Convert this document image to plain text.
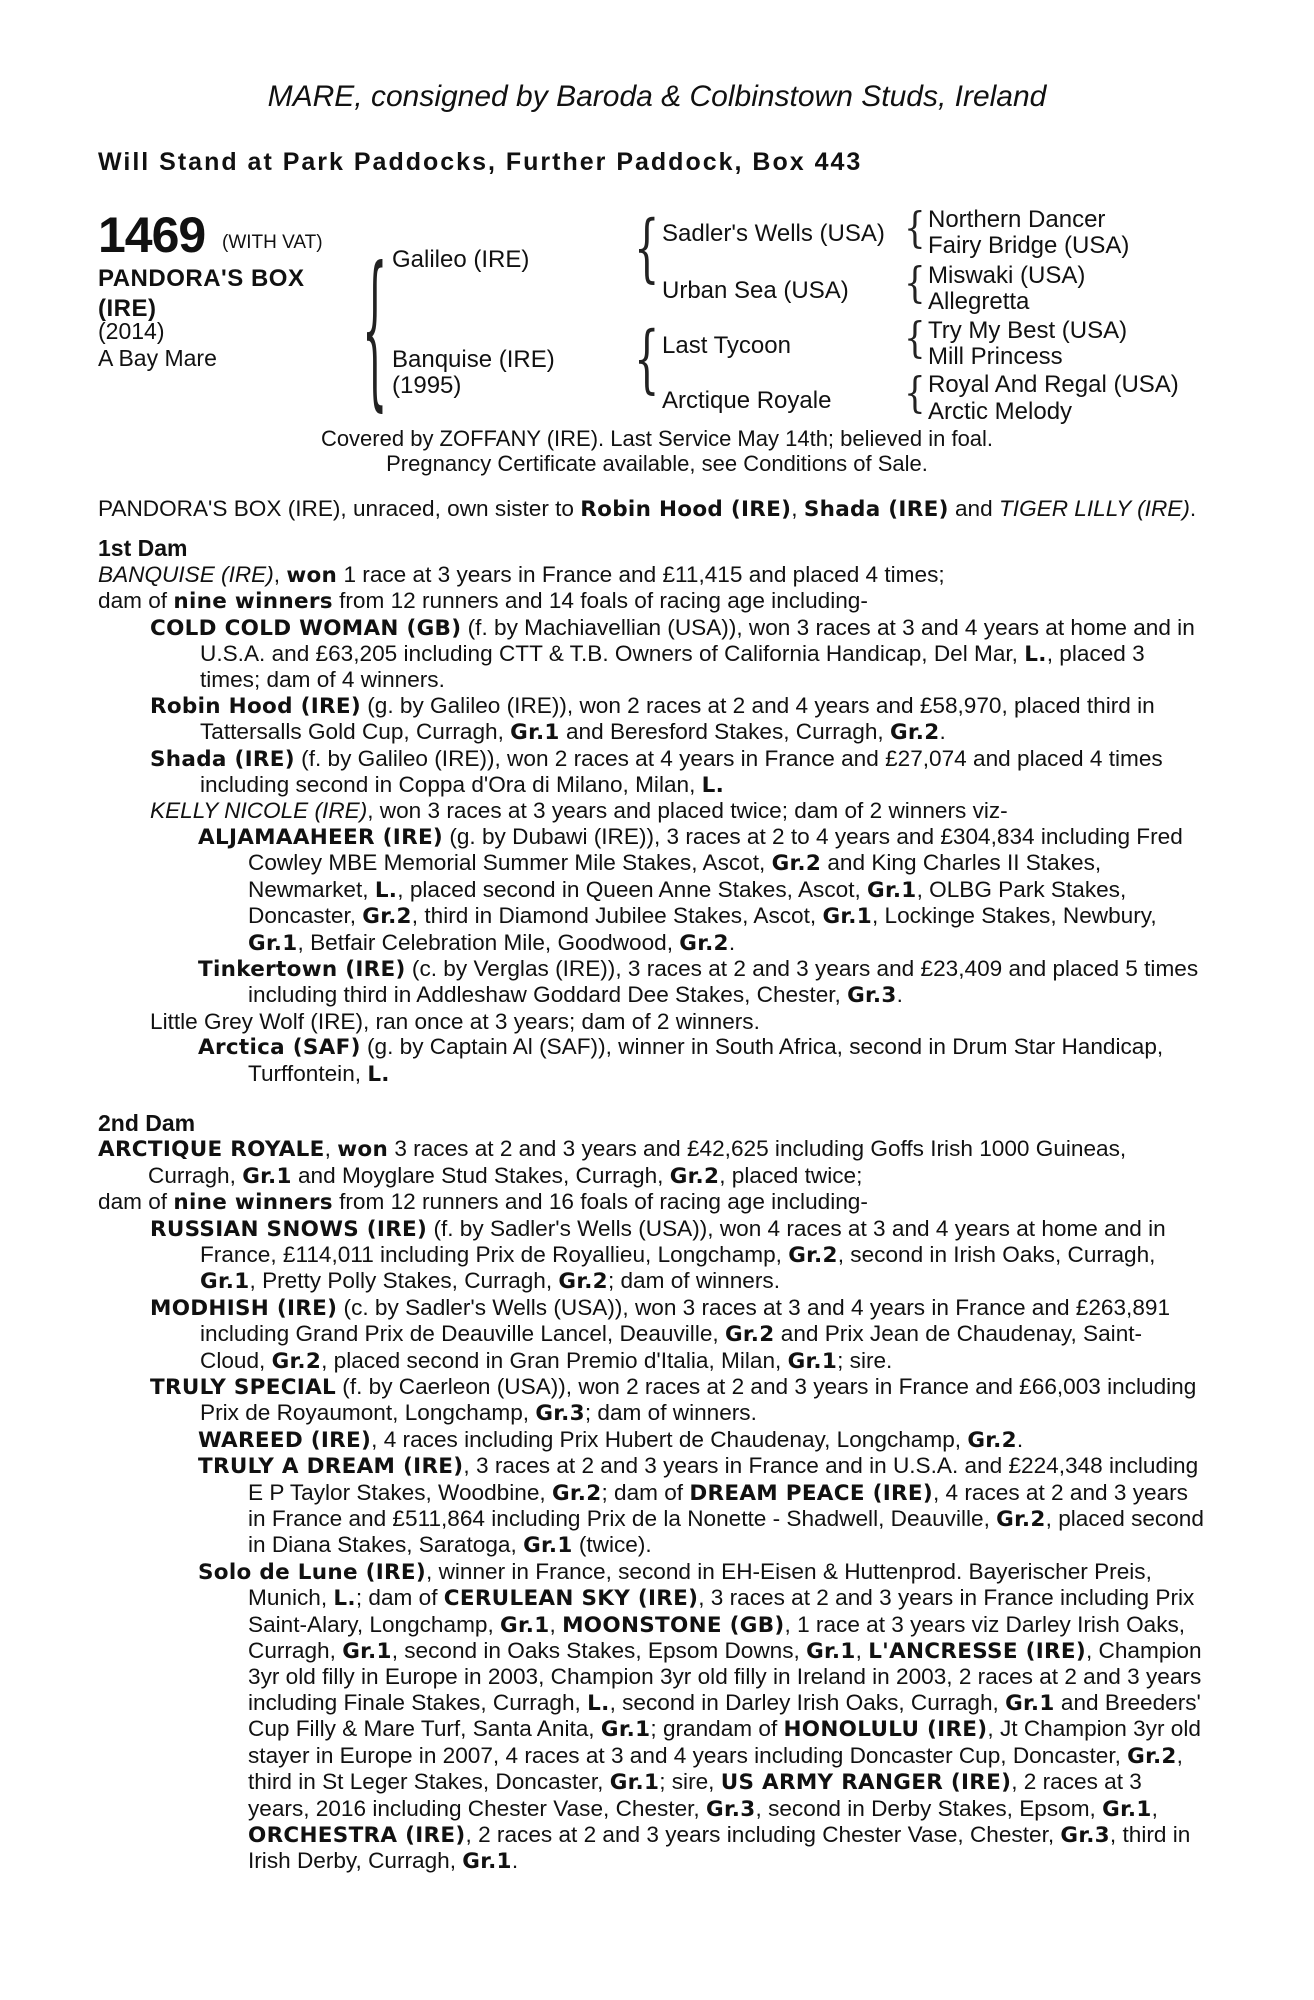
MARE, consigned by Baroda & Colbinstown Studs, Ireland
Will Stand at Park Paddocks, Further Paddock, Box 443
1469 (WITH VAT)
PANDORA'S BOX
(IRE)
(2014)
A Bay Mare	{ Galileo (IRE)
Banquise (IRE)
(1995)
{ Sadler's Wells (USA)
Urban Sea (USA)
{ Last Tycoon
Arctique Royale
{ Northern Dancer
Fairy Bridge (USA)
{ Miswaki (USA)
Allegretta
{ Try My Best (USA)
Mill Princess
{ Royal And Regal (USA)
Arctic Melody
Covered by ZOFFANY (IRE). Last Service May 14th; believed in foal.
Pregnancy Certificate available, see Conditions of Sale.

PANDORA'S BOX (IRE), unraced, own sister to Robin Hood (IRE), Shada (IRE) and TIGER LILLY (IRE).

1st Dam

BANQUISE (IRE), won 1 race at 3 years in France and £11,415 and placed 4 times;

dam of nine winners from 12 runners and 14 foals of racing age including-

COLD COLD WOMAN (GB) (f. by Machiavellian (USA)), won 3 races at 3 and 4 years at home and in U.S.A. and £63,205 including CTT & T.B. Owners of California Handicap, Del Mar, L., placed 3 times; dam of 4 winners.

Robin Hood (IRE) (g. by Galileo (IRE)), won 2 races at 2 and 4 years and £58,970, placed third in Tattersalls Gold Cup, Curragh, Gr.1 and Beresford Stakes, Curragh, Gr.2.

Shada (IRE) (f. by Galileo (IRE)), won 2 races at 4 years in France and £27,074 and placed 4 times including second in Coppa d'Ora di Milano, Milan, L.

KELLY NICOLE (IRE), won 3 races at 3 years and placed twice; dam of 2 winners viz-

ALJAMAAHEER (IRE) (g. by Dubawi (IRE)), 3 races at 2 to 4 years and £304,834 including Fred Cowley MBE Memorial Summer Mile Stakes, Ascot, Gr.2 and King Charles II Stakes, Newmarket, L., placed second in Queen Anne Stakes, Ascot, Gr.1, OLBG Park Stakes, Doncaster, Gr.2, third in Diamond Jubilee Stakes, Ascot, Gr.1, Lockinge Stakes, Newbury, Gr.1, Betfair Celebration Mile, Goodwood, Gr.2.

Tinkertown (IRE) (c. by Verglas (IRE)), 3 races at 2 and 3 years and £23,409 and placed 5 times including third in Addleshaw Goddard Dee Stakes, Chester, Gr.3.

Little Grey Wolf (IRE), ran once at 3 years; dam of 2 winners.

Arctica (SAF) (g. by Captain Al (SAF)), winner in South Africa, second in Drum Star Handicap, Turffontein, L.

2nd Dam

ARCTIQUE ROYALE, won 3 races at 2 and 3 years and £42,625 including Goffs Irish 1000 Guineas, Curragh, Gr.1 and Moyglare Stud Stakes, Curragh, Gr.2, placed twice;

dam of nine winners from 12 runners and 16 foals of racing age including-

RUSSIAN SNOWS (IRE) (f. by Sadler's Wells (USA)), won 4 races at 3 and 4 years at home and in France, £114,011 including Prix de Royallieu, Longchamp, Gr.2, second in Irish Oaks, Curragh, Gr.1, Pretty Polly Stakes, Curragh, Gr.2; dam of winners.

MODHISH (IRE) (c. by Sadler's Wells (USA)), won 3 races at 3 and 4 years in France and £263,891 including Grand Prix de Deauville Lancel, Deauville, Gr.2 and Prix Jean de Chaudenay, Saint-Cloud, Gr.2, placed second in Gran Premio d'Italia, Milan, Gr.1; sire.

TRULY SPECIAL (f. by Caerleon (USA)), won 2 races at 2 and 3 years in France and £66,003 including Prix de Royaumont, Longchamp, Gr.3; dam of winners.

WAREED (IRE), 4 races including Prix Hubert de Chaudenay, Longchamp, Gr.2.

TRULY A DREAM (IRE), 3 races at 2 and 3 years in France and in U.S.A. and £224,348 including E P Taylor Stakes, Woodbine, Gr.2; dam of DREAM PEACE (IRE), 4 races at 2 and 3 years in France and £511,864 including Prix de la Nonette - Shadwell, Deauville, Gr.2, placed second in Diana Stakes, Saratoga, Gr.1 (twice).

Solo de Lune (IRE), winner in France, second in EH-Eisen & Huttenprod. Bayerischer Preis, Munich, L.; dam of CERULEAN SKY (IRE), 3 races at 2 and 3 years in France including Prix Saint-Alary, Longchamp, Gr.1, MOONSTONE (GB), 1 race at 3 years viz Darley Irish Oaks, Curragh, Gr.1, second in Oaks Stakes, Epsom Downs, Gr.1, L'ANCRESSE (IRE), Champion 3yr old filly in Europe in 2003, Champion 3yr old filly in Ireland in 2003, 2 races at 2 and 3 years including Finale Stakes, Curragh, L., second in Darley Irish Oaks, Curragh, Gr.1 and Breeders' Cup Filly & Mare Turf, Santa Anita, Gr.1; grandam of HONOLULU (IRE), Jt Champion 3yr old stayer in Europe in 2007, 4 races at 3 and 4 years including Doncaster Cup, Doncaster, Gr.2, third in St Leger Stakes, Doncaster, Gr.1; sire, US ARMY RANGER (IRE), 2 races at 3 years, 2016 including Chester Vase, Chester, Gr.3, second in Derby Stakes, Epsom, Gr.1, ORCHESTRA (IRE), 2 races at 2 and 3 years including Chester Vase, Chester, Gr.3, third in Irish Derby, Curragh, Gr.1.
